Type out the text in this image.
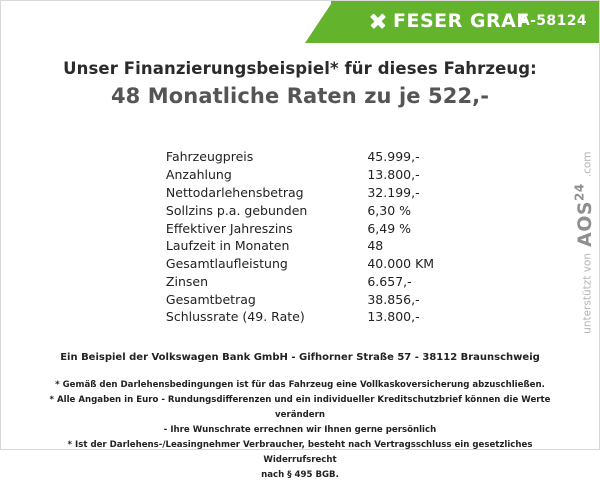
FESER GRAF
A-58124
Unser Finanzierungsbeispiel* für dieses Fahrzeug:
48 Monatliche Raten zu je 522,-
Fahrzeugpreis	45.999,-
Anzahlung	13.800,-
Nettodarlehensbetrag	32.199,-
Sollzins p.a. gebunden	6,30 %
Effektiver Jahreszins	6,49 %
Laufzeit in Monaten	48
Gesamtlaufleistung	40.000 KM
Zinsen	6.657,-
Gesamtbetrag	38.856,-
Schlussrate (49. Rate)	13.800,-
Ein Beispiel der Volkswagen Bank GmbH - Gifhorner Straße 57 - 38112 Braunschweig
* Gemäß den Darlehensbedingungen ist für das Fahrzeug eine Vollkaskoversicherung abzuschließen.
* Alle Angaben in Euro - Rundungsdifferenzen und ein individueller Kreditschutzbrief können die Werte verändern
- Ihre Wunschrate errechnen wir Ihnen gerne persönlich
* Ist der Darlehens-/Leasingnehmer Verbraucher, besteht nach Vertragsschluss ein gesetzliches Widerrufsrecht
nach § 495 BGB.
unterstützt von
AOS$^{24}$
.com
